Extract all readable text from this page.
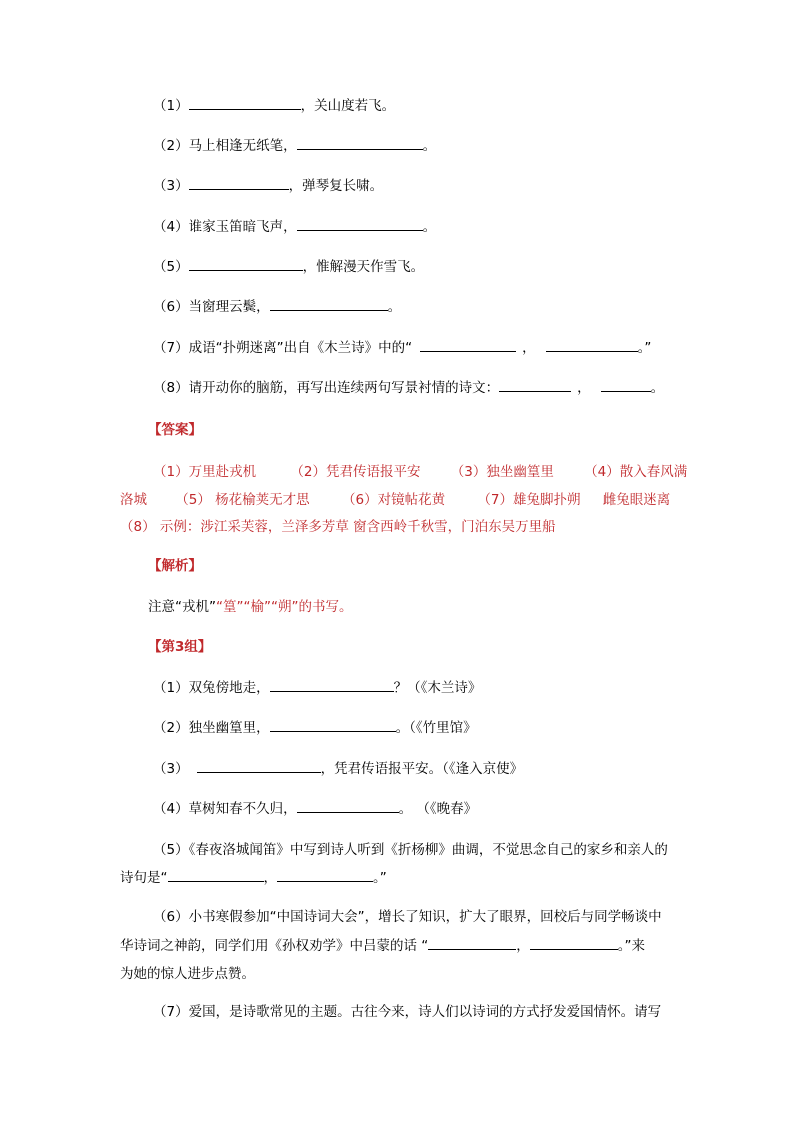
（1）	，关山度若飞。
（2）马上相逢无纸笔，	。
（3）	，弹琴复长啸。
（4）谁家玉笛暗飞声，	。
（5）	，惟解漫天作雪飞。
（6）当窗理云鬓，	。
（7）成语“扑朔迷离”出自《木兰诗》中的“	，	。”
（8）请开动你的脑筋，再写出连续两句写景衬情的诗文：	，	。
【答案】
（1）万里赴戎机	（2）凭君传语报平安 （3）独坐幽篁里 （4）散入春风满
洛城 （5） 杨花榆荚无才思 （6）对镜帖花黄 （7）雄兔脚扑朔 雌兔眼迷离
（8） 示例：涉江采芙蓉，兰泽多芳草 窗含西岭千秋雪，门泊东吴万里船
【解析】
注意“戎机”“篁”“榆”“朔”的书写。
【第3组】
（1）双兔傍地走，	？（《木兰诗》
（2）独坐幽篁里，	。（《竹里馆》
（3）	，凭君传语报平安。（《逢入京使》
（4）草树知春不久归，	。 （《晚春》
（5）《春夜洛城闻笛》中写到诗人听到《折杨柳》曲调，不觉思念自己的家乡和亲人的
诗句是“	，	。”
（6）小书寒假参加“中国诗词大会”，增长了知识，扩大了眼界，回校后与同学畅谈中
华诗词之神韵，同学们用《孙权劝学》中吕蒙的话 “	，	。”来
为她的惊人进步点赞。
（7）爱国，是诗歌常见的主题。古往今来，诗人们以诗词的方式抒发爱国情怀。请写
